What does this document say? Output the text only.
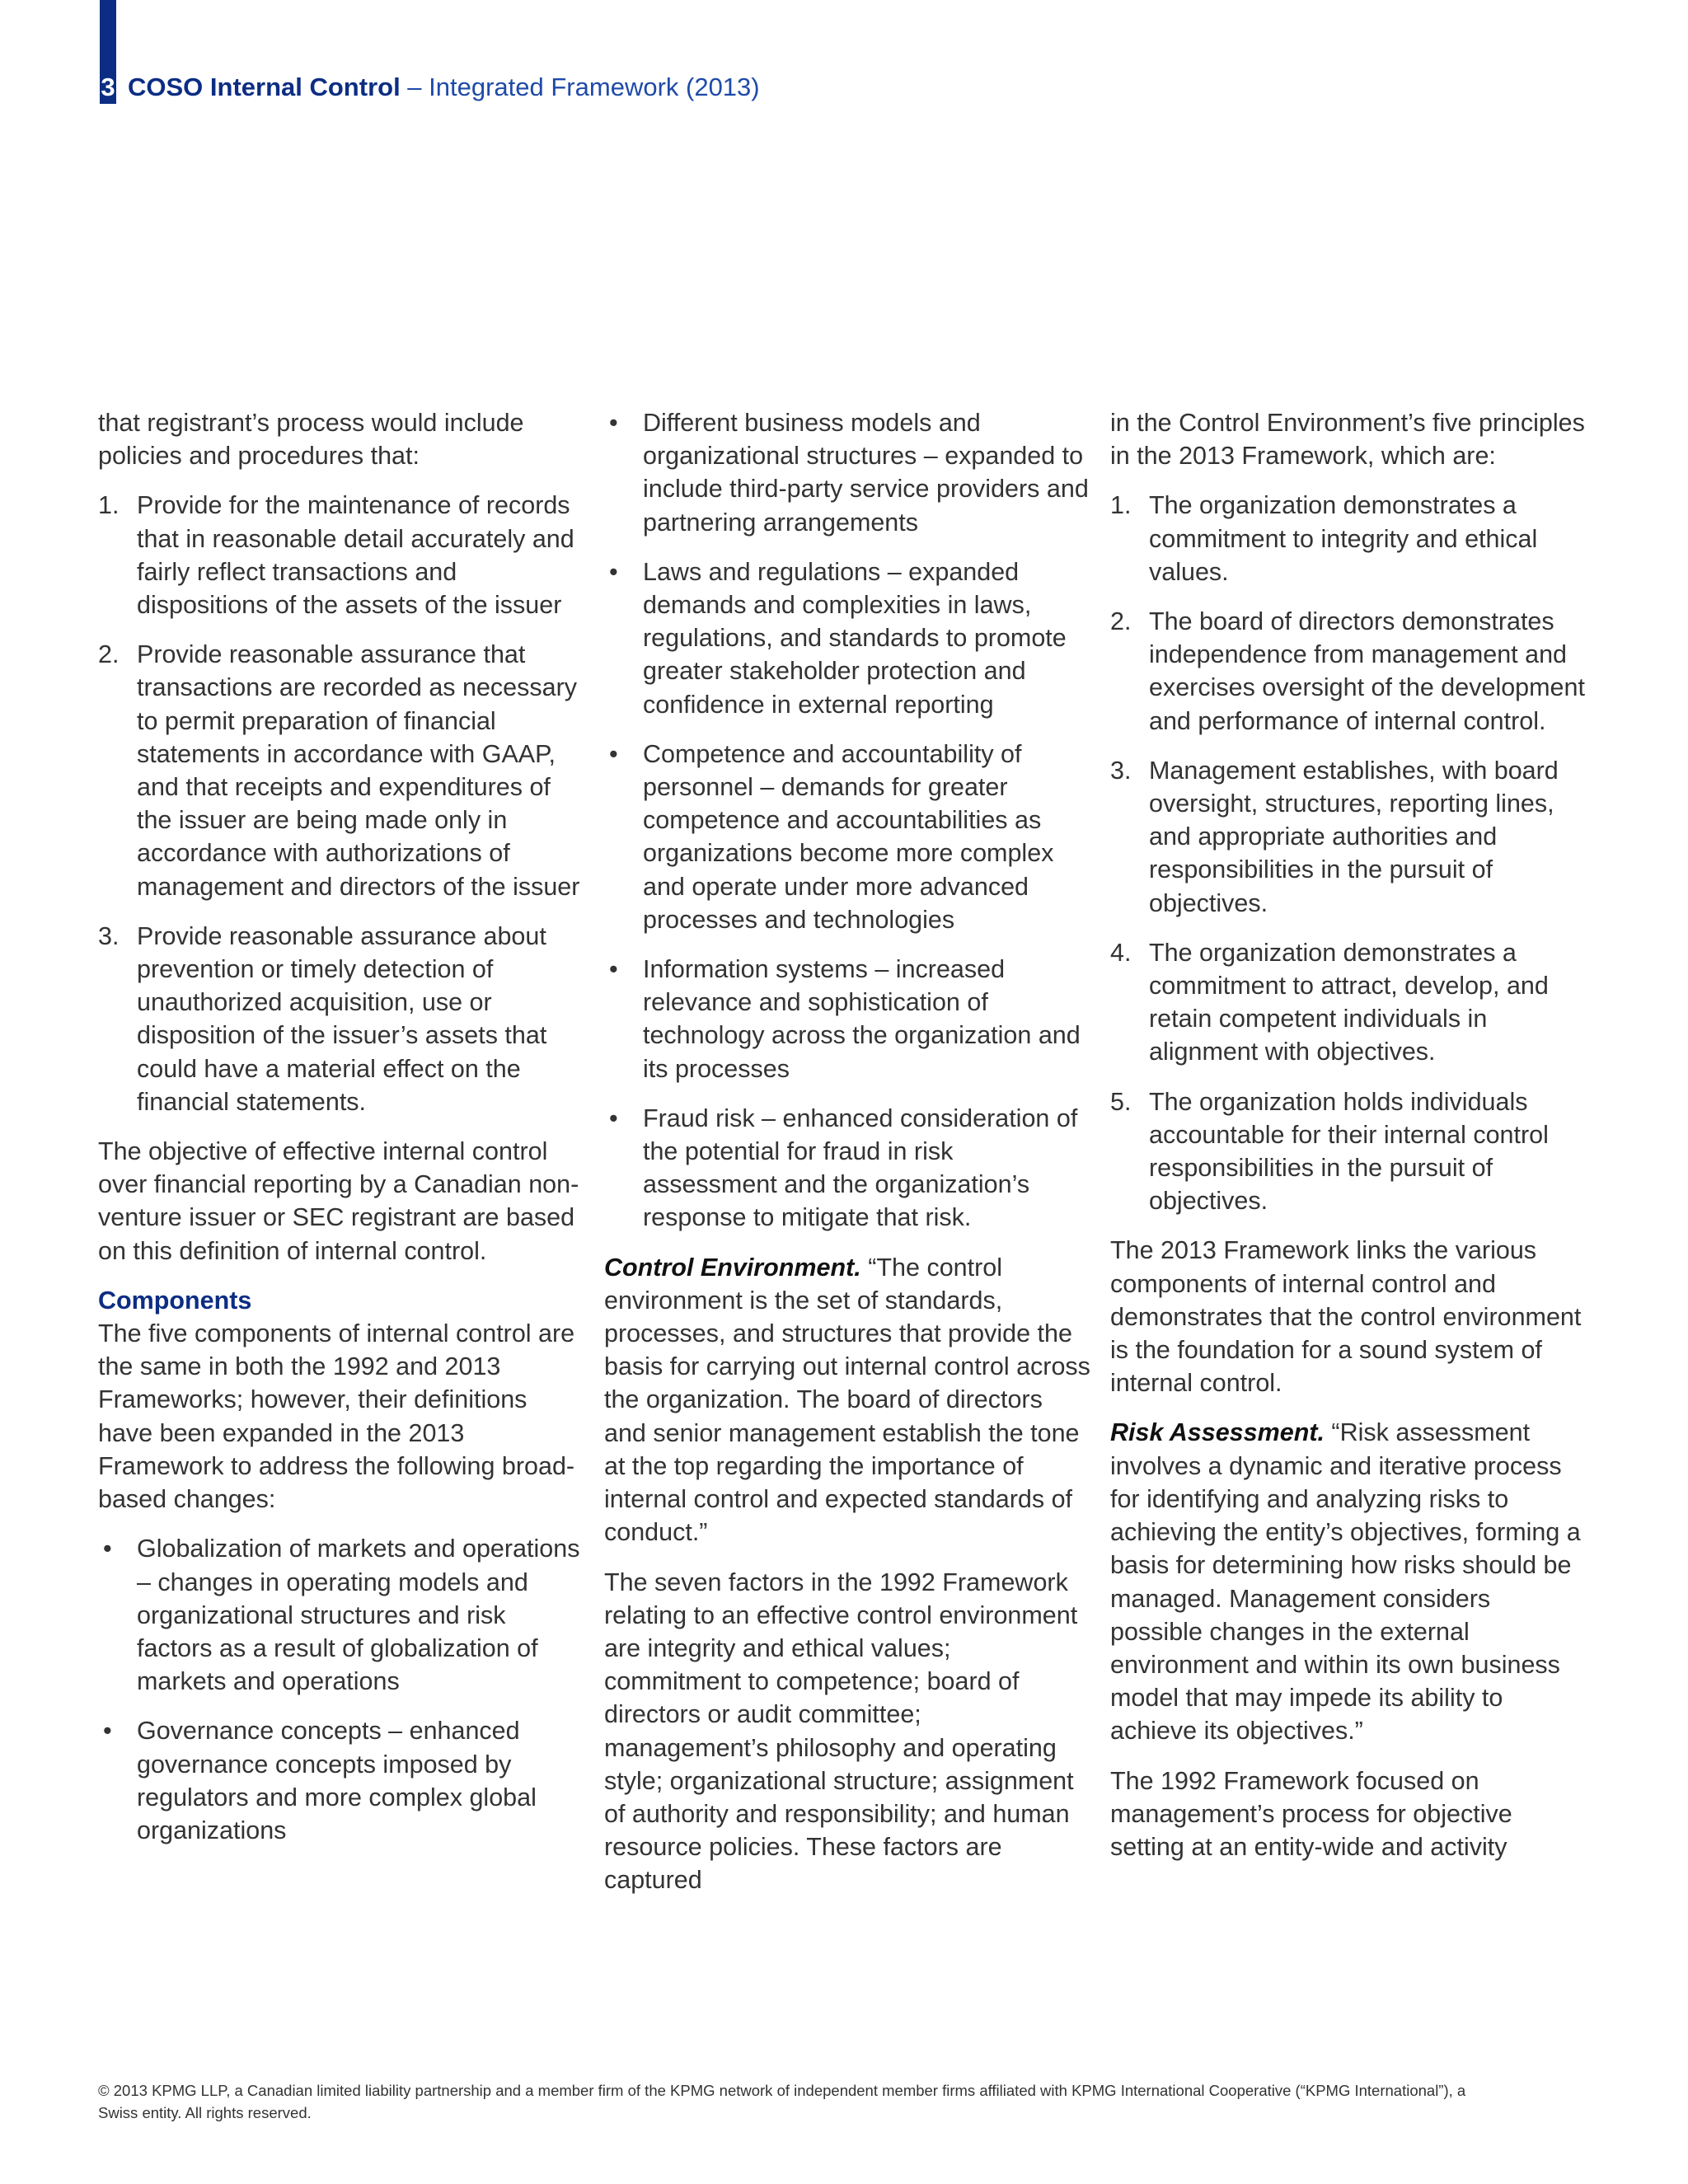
3 COSO Internal Control – Integrated Framework (2013)

that registrant’s process would include policies and procedures that:

1. Provide for the maintenance of records that in reasonable detail accurately and fairly reflect transactions and dispositions of the assets of the issuer
2. Provide reasonable assurance that transactions are recorded as necessary to permit preparation of financial statements in accordance with GAAP, and that receipts and expenditures of the issuer are being made only in accordance with authorizations of management and directors of the issuer
3. Provide reasonable assurance about prevention or timely detection of unauthorized acquisition, use or disposition of the issuer’s assets that could have a material effect on the financial statements.

The objective of effective internal control over financial reporting by a Canadian non-venture issuer or SEC registrant are based on this definition of internal control.

Components

The five components of internal control are the same in both the 1992 and 2013 Frameworks; however, their definitions have been expanded in the 2013 Framework to address the following broad-based changes:

• Globalization of markets and operations – changes in operating models and organizational structures and risk factors as a result of globalization of markets and operations
• Governance concepts – enhanced governance concepts imposed by regulators and more complex global organizations
• Different business models and organizational structures – expanded to include third-party service providers and partnering arrangements
• Laws and regulations – expanded demands and complexities in laws, regulations, and standards to promote greater stakeholder protection and confidence in external reporting
• Competence and accountability of personnel – demands for greater competence and accountabilities as organizations become more complex and operate under more advanced processes and technologies
• Information systems – increased relevance and sophistication of technology across the organization and its processes
• Fraud risk – enhanced consideration of the potential for fraud in risk assessment and the organization’s response to mitigate that risk.

Control Environment. “The control environment is the set of standards, processes, and structures that provide the basis for carrying out internal control across the organization. The board of directors and senior management establish the tone at the top regarding the importance of internal control and expected standards of conduct.”

The seven factors in the 1992 Framework relating to an effective control environment are integrity and ethical values; commitment to competence; board of directors or audit committee; management’s philosophy and operating style; organizational structure; assignment of authority and responsibility; and human resource policies. These factors are captured

in the Control Environment’s five principles in the 2013 Framework, which are:

1. The organization demonstrates a commitment to integrity and ethical values.
2. The board of directors demonstrates independence from management and exercises oversight of the development and performance of internal control.
3. Management establishes, with board oversight, structures, reporting lines, and appropriate authorities and responsibilities in the pursuit of objectives.
4. The organization demonstrates a commitment to attract, develop, and retain competent individuals in alignment with objectives.
5. The organization holds individuals accountable for their internal control responsibilities in the pursuit of objectives.

The 2013 Framework links the various components of internal control and demonstrates that the control environment is the foundation for a sound system of internal control.

Risk Assessment. “Risk assessment involves a dynamic and iterative process for identifying and analyzing risks to achieving the entity’s objectives, forming a basis for determining how risks should be managed. Management considers possible changes in the external environment and within its own business model that may impede its ability to achieve its objectives.”

The 1992 Framework focused on management’s process for objective setting at an entity-wide and activity

© 2013 KPMG LLP, a Canadian limited liability partnership and a member firm of the KPMG network of independent member firms affiliated with KPMG International Cooperative (“KPMG International”), a Swiss entity. All rights reserved.
